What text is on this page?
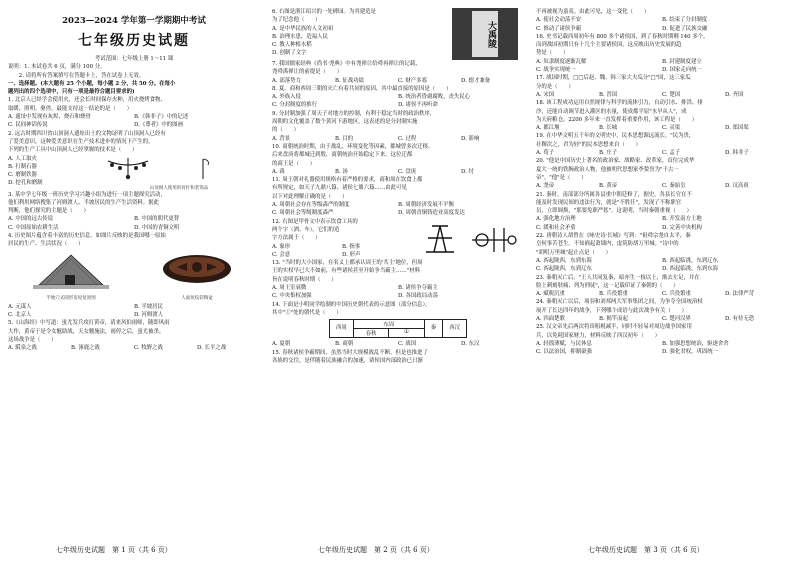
2023—2024 学年第一学期期中考试
七年级历史试题

考试范围：七年级上册 1～11 课

说明：1. 本试卷共 6 页，满分 100 分。

　　2. 请将所有答案填写在答题卡上，答在试卷上无效。

一、选择题。(本大题有 25 个小题，每小题 2 分，共 50 分。在每小

题列出的四个选项中，只有一项是最符合题目要求的)

1. 北京人已经学会使用火，还会长时间保存火种，用火烧烤食物、

取暖、照明、驱兽，最能支持这一结论的是（　　）

A. 遗址中发现有灰烬、烧石和烧骨	B.《韩非子》中的记述
C. 民间神话传说	D.《尊者》中的图画

2. 远古时期四川省山顶洞人遗址出土的文物证明了山顶洞人已经有

了爱美意识，这种爱美意识在生产技术进步的情况下产生的，

下列的生产工具中山顶洞人已经掌握的技术是（　　）

A. 人工取火
B. 打制石器
C. 磨制铁器
D. 挖孔和磨制
山顶洞人使用的骨针和装饰品

3. 某中学七年级一班历史学习兴趣小组为进行一项主题探究活动，

他们利用网络搜集了河姆渡人、半坡居民的生产生活资料。据此

判断，他们探究的主题是（　　）

A. 中国的远古传说	B. 中国的朝代更替
C. 中国原始农耕生活	D. 中国的青铜文明

4. 历史图片蕴含着丰富的历史信息。如图片反映的是我国哪一原始

居民的生产、生活状况（　　）

半地穴式圆形房屋复原图	人面鱼纹彩陶盆
A. 元谋人	B. 半坡居民
C. 北京人	D. 河姆渡人

5.《山海经》中写道：蚩尤发兵攻打黄帝，请来风伯雨师，随即风雨

大作，黄帝于是令女魃助战，天女魃施法，雨停之后，蚩尤被杀。

这场战争是（　　）

A. 阪泉之战	B. 涿鹿之战	C. 牧野之战	D. 长平之战

6. 右图是浙江绍兴的一处碑园。为其建造是

为了纪念他（　　）

A. 是中华民族的人文初祖

B. 治理水患，造福人民

C. 教人种植水稻

D. 创制了文字

大禹陵

7. 我国儒家经典《尚书·尧典》中有尧禅让给舜再禅让的记载，

尧舜禹禅让的前提是（　　）

A. 部落势力	B. 征战功绩	C. 财产多寡	D. 德才兼备

8. 夏、商和西周三朝的灭亡有着共同的原因，其中最直接的原因是（　　）

A. 外族入侵	B. 统治者昏庸腐败，丧失民心
C. 分封制度的推行	D. 诸侯不再听命

9. 分封制加强了周天子对地方的控制，有利于稳定当时的政治秩序，

周朝的文化覆盖了数个黄河下游地区。这表述的是分封制实施

的（　　）

A. 背景	B. 目的	C. 过程	D. 影响

10. 商朝统治时期，由于战乱、环境变化等因素，都城曾多次迁移。

后来盘庚将都城迁到殷，商朝统治开始稳定下来。这位迁都

的商王是（　　）

A. 禹	B. 汤	C. 盘庚	D. 纣

11. 周王朝对礼器使用规格有着严格的要求，商和周在饮食上都

有所规定，如天子九鼎八簋、诸侯七鼎六簋……由此可见

以下对此理解正确的是（　　）

A. 周朝社会存在等级森严的制度	B. 周朝经济发展不平衡
C. 周朝社会等级制度森严	D. 周朝青铜铸造业高度发达

12. 右图是甲骨文中表示饮食工具的

两个字（酒、车）。它们的造

字方法属于（　　）

A. 象形	B. 指事
C. 会意	D. 形声

13. "当时的大小国家，在名义上都承认周王的'共主'地位，但周

王的实权早已大不如前，有些诸侯甚至开始争当霸主……"材料

旨在说明春秋时期（　　）

A. 周王室衰微	B. 诸侯争夺霸主
C. 中央集权加强	D. 各国政局动荡

14. 下面是小明同学绘制的中国历史朝代表的示意图（部分信息），

其中"①"处的朝代是（　　）

西周	东周
春秋	①
秦	西汉
A. 夏朝	B. 商朝	C. 战国	D. 东汉

15. 春秋诸侯争霸期间，虽然当时大规模战乱不断，但是也推进了

各族的交往，是伴随着民族融合的加速，诸侯国内部政治已日渐

不再被视为蛮夷。由此可见，这一变化（　　）

A. 使社会动荡不安	B. 结束了分封制度
C. 推动了诸侯争霸	D. 促进了民族交融

16. 史书记载西周初年有 800 多个诸侯国，到了春秋时期剩 140 多个，

而到战国初期只有十几个主要诸侯国，这反映出历史发展的趋

势是（　　）

A. 奴隶制度逐渐瓦解	B. 封建制度建立
C. 战争实现统一	D. 国家走向统一

17. 战国时期，□□后赵、魏、韩三家大夫瓜分"□"国，这三家瓜

分的是（　　）

A. 宋国	B. 晋国	C. 楚国	D. 齐国

18. 该工程成功运用自然规律与科学的流体引力，自动引水、排洪、排

沙，还能自动调节进入灌区的水量，使成都平原"水旱从人"，成

为天府粮仓，2200 多年来一直发挥着重要作用，该工程是（　　）

A. 都江堰	B. 长城	C. 灵渠	D. 郑国渠

19. 在中华文明五千年的文明史中，民本思想源远流长。"民为贵，

社稷次之，君为轻"的民本思想来自（　　）

A. 荀子	B. 庄子	C. 孟子	D. 韩非子

20. "他是中国历史上著名的政治家、战略家、改革家，首位完成华

夏大一统的铁腕政治人物，他被明代思想家李贽誉为"千古一

帝"。"他"是（　　）

A. 尧帝	B. 黄帝	C. 秦始皇	D. 汉高祖

21. 秦时，南部部分所属各县重中朝廷修了，据史，各县长官在不

能及时发现民间的违法行为，就是"不胜任"，发现了不称职官

员，立即调换，"那要免职严惩"。这说明，当时秦朝重视（　　）

A. 强化地方治理	B. 开发南方土地
C. 缓和社会矛盾	D. 完善中央机构

22. 唐朝诗人胡曾在《咏史诗·长城》写到："祖舜宗尧自太平，秦

皇何事苦苍生。不知祸起萧墙内，虚筑防胡万里城。"诗中的

"胡明万里城"起止点是（　　）

A. 西起陇西，东到东海	B. 西起临洮，东到辽东
C. 西起陇西，东到辽东	D. 西起临洮，东到东海

23. 秦朝灭亡后，"王人共同复秦，暗亦生一枝以上，渐去左足，并在

脸上刺刻肤痛，列为刑徒"，这一记载印证了秦朝的（　　）

A. 赋税沉重	B. 兵役繁重	C. 兵役繁重	D. 法律严苛

24. 秦朝灭亡以后，项羽和刘邦两大军事集团之间，为争夺全国统治权

展开了长达四年的战争，下列哪个成语与此次战争有关（　　）

A. 四面楚歌	B. 揭竿而起	C. 楚河汉界	D. 有恃无恐

25. 汉文帝先后两次将田租税减半，同时不轻易对周边战争国家用

兵，以免耗国家财力，材料反映了西汉初年（　　）

A. 轻徭薄赋，与民休息	B. 加强思想统治，驱逐舍舍
C. 以法治国，抑制豪强	D. 强化君权，巩固统一
七年级历史试题　第 1 页（共 6 页）	七年级历史试题　第 2 页（共 6 页）	七年级历史试题　第 3 页（共 6 页）
